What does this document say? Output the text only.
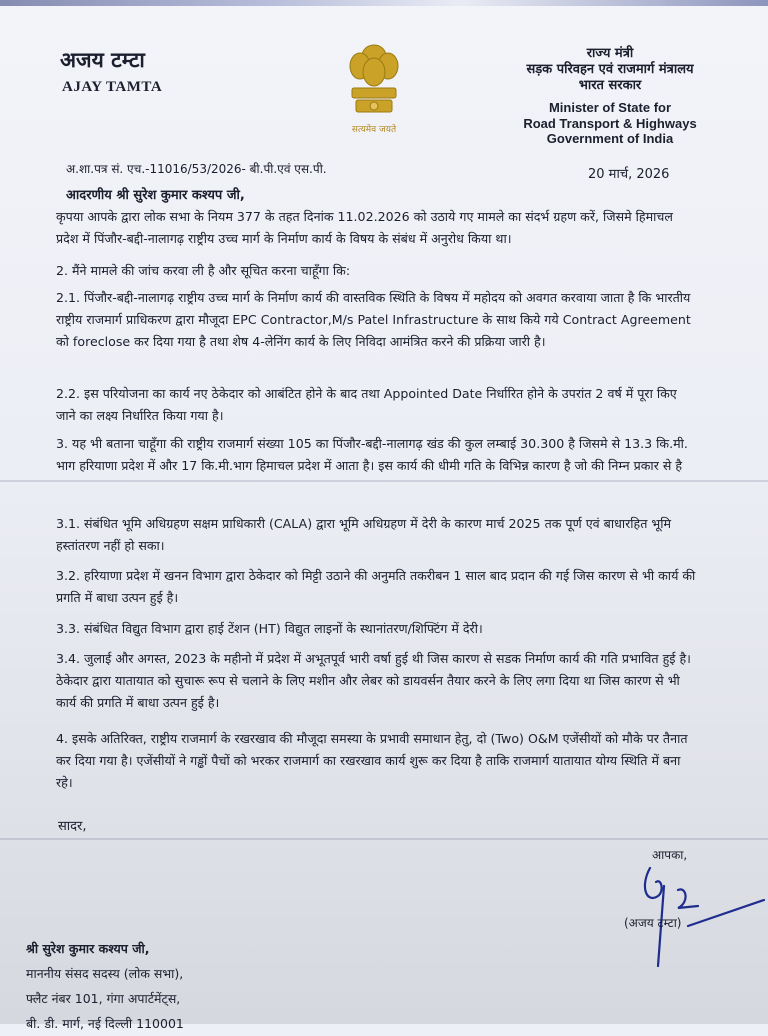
अजय टम्टा
AJAY TAMTA
सत्यमेव जयते
राज्य मंत्री
सड़क परिवहन एवं राजमार्ग मंत्रालय
भारत सरकार
Minister of State for
Road Transport & Highways
Government of India
अ.शा.पत्र सं. एच.-11016/53/2026- बी.पी.एवं एस.पी.	20 मार्च, 2026
आदरणीय श्री सुरेश कुमार कश्यप जी,
कृपया आपके द्वारा लोक सभा के नियम 377 के तहत दिनांक 11.02.2026 को उठाये गए मामले का संदर्भ ग्रहण करें, जिसमे हिमाचल प्रदेश में पिंजौर-बद्दी-नालागढ़ राष्ट्रीय उच्च मार्ग के निर्माण कार्य के विषय के संबंध में अनुरोध किया था।
2. मैंने मामले की जांच करवा ली है और सूचित करना चाहूँगा कि:
2.1. पिंजौर-बद्दी-नालागढ़ राष्ट्रीय उच्च मार्ग के निर्माण कार्य की वास्तविक स्थिति के विषय में महोदय को अवगत करवाया जाता है कि भारतीय राष्ट्रीय राजमार्ग प्राधिकरण द्वारा मौजूदा EPC Contractor,M/s Patel Infrastructure के साथ किये गये Contract Agreement को foreclose कर दिया गया है तथा शेष 4-लेनिंग कार्य के लिए निविदा आमंत्रित करने की प्रक्रिया जारी है।
2.2. इस परियोजना का कार्य नए ठेकेदार को आबंटित होने के बाद तथा Appointed Date निर्धारित होने के उपरांत 2 वर्ष में पूरा किए जाने का लक्ष्य निर्धारित किया गया है।
3. यह भी बताना चाहूँगा की राष्ट्रीय राजमार्ग संख्या 105 का पिंजौर-बद्दी-नालागढ़ खंड की कुल लम्बाई 30.300 है जिसमे से 13.3 कि.मी. भाग हरियाणा प्रदेश में और 17 कि.मी.भाग हिमाचल प्रदेश में आता है। इस कार्य की धीमी गति के विभिन्न कारण है जो की निम्न प्रकार से है
3.1. संबंधित भूमि अधिग्रहण सक्षम प्राधिकारी (CALA) द्वारा भूमि अधिग्रहण में देरी के कारण मार्च 2025 तक पूर्ण एवं बाधारहित भूमि हस्तांतरण नहीं हो सका।
3.2. हरियाणा प्रदेश में खनन विभाग द्वारा ठेकेदार को मिट्टी उठाने की अनुमति तकरीबन 1 साल बाद प्रदान की गई जिस कारण से भी कार्य की प्रगति में बाधा उत्पन हुई है।
3.3. संबंधित विद्युत विभाग द्वारा हाई टेंशन (HT) विद्युत लाइनों के स्थानांतरण/शिफ्टिंग में देरी।
3.4. जुलाई और अगस्त, 2023 के महीनो में प्रदेश में अभूतपूर्व भारी वर्षा हुई थी जिस कारण से सडक निर्माण कार्य की गति प्रभावित हुई है। ठेकेदार द्वारा यातायात को सुचारू रूप से चलाने के लिए मशीन और लेबर को डायवर्सन तैयार करने के लिए लगा दिया था जिस कारण से भी कार्य की प्रगति में बाधा उत्पन हुई है।
4. इसके अतिरिक्त, राष्ट्रीय राजमार्ग के रखरखाव की मौजूदा समस्या के प्रभावी समाधान हेतु, दो (Two) O&M एजेंसीयों को मौके पर तैनात कर दिया गया है। एजेंसीयों ने गड्ढों पैचों को भरकर राजमार्ग का रखरखाव कार्य शुरू कर दिया है ताकि राजमार्ग यातायात योग्य स्थिति में बना रहे।
सादर,
आपका,
(अजय टम्टा)
श्री सुरेश कुमार कश्यप जी,
माननीय संसद सदस्य (लोक सभा),
फ्लैट नंबर 101, गंगा अपार्टमेंट्स,
बी. डी. मार्ग, नई दिल्ली 110001
